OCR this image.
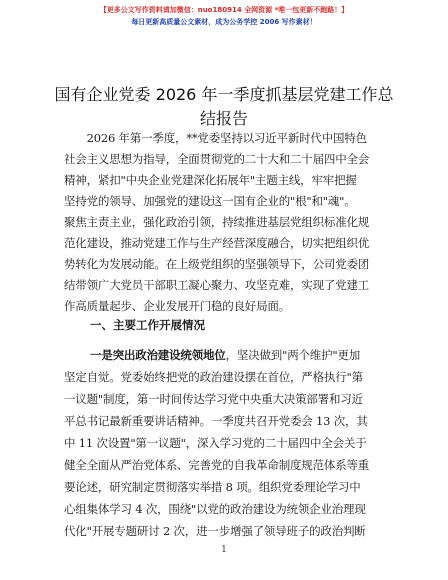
【更多公文写作资料请加微信：nuo180914 全网资源 *唯一包更新不跑路！】
每日更新高质量公文素材，成为公务学控 2006 写作素材！
国有企业党委 2026 年一季度抓基层党建工作总
结报告
　　2026 年第一季度，**党委坚持以习近平新时代中国特色
社会主义思想为指导，全面贯彻党的二十大和二十届四中全会
精神，紧扣"中央企业党建深化拓展年"主题主线，牢牢把握
坚持党的领导、加强党的建设这一国有企业的"根"和"魂"。
聚焦主责主业，强化政治引领，持续推进基层党组织标准化规
范化建设，推动党建工作与生产经营深度融合，切实把组织优
势转化为发展动能。在上级党组织的坚强领导下，公司党委团
结带领广大党员干部职工凝心聚力、攻坚克难，实现了党建工
作高质量起步、企业发展开门稳的良好局面。
一、主要工作开展情况
一是突出政治建设统领地位，坚决做到"两个维护"更加
坚定自觉。党委始终把党的政治建设摆在首位，严格执行"第
一议题"制度，第一时间传达学习党中央重大决策部署和习近
平总书记最新重要讲话精神。一季度共召开党委会 13 次，其
中 11 次设置"第一议题"，深入学习党的二十届四中全会关于
健全全面从严治党体系、完善党的自我革命制度规范体系等重
要论述，研究制定贯彻落实举措 8 项。组织党委理论学习中
心组集体学习 4 次，围绕"以党的政治建设为统领企业治理现
代化"开展专题研讨 2 次，进一步增强了领导班子的政治判断
1
